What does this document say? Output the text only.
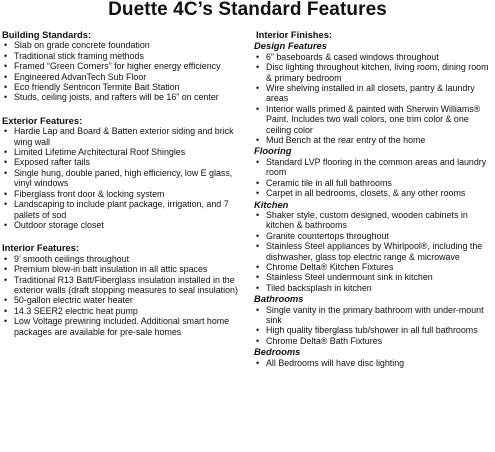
Duette 4C’s Standard Features
Building Standards:
• Slab on grade concrete foundation
• Traditional stick framing methods
• Framed “Green Corners” for higher energy efficiency
• Engineered AdvanTech Sub Floor
• Eco friendly Sentricon Termite Bait Station
• Studs, ceiling joists, and rafters will be 16” on center
Exterior Features:
• Hardie Lap and Board & Batten exterior siding and brick wing wall
• Limited Lifetime Architectural Roof Shingles
• Exposed rafter tails
• Single hung, double paned, high efficiency, low E glass, vinyl windows
• Fiberglass front door & locking system
• Landscaping to include plant package, irrigation, and 7 pallets of sod
• Outdoor storage closet
Interior Features:
• 9’ smooth ceilings throughout
• Premium blow-in batt insulation in all attic spaces
• Traditional R13 Batt/Fiberglass insulation installed in the exterior walls (draft stopping measures to seal insulation)
• 50-gallon electric water heater
• 14.3 SEER2 electric heat pump
• Low Voltage prewiring included. Additional smart home packages are available for pre-sale homes
Interior Finishes:
Design Features
• 6” baseboards & cased windows throughout
• Disc lighting throughout kitchen, living room, dining room & primary bedroom
• Wire shelving installed in all closets, pantry & laundry areas
• Interior walls primed & painted with Sherwin Williams® Paint. Includes two wall colors, one trim color & one ceiling color
• Mud Bench at the rear entry of the home
Flooring
• Standard LVP flooring in the common areas and laundry room
• Ceramic tile in all full bathrooms
• Carpet in all bedrooms, closets, & any other rooms
Kitchen
• Shaker style, custom designed, wooden cabinets in kitchen & bathrooms
• Granite countertops throughout
• Stainless Steel appliances by Whirlpool®, including the dishwasher, glass top electric range & microwave
• Chrome Delta® Kitchen Fixtures
• Stainless Steel undermount sink in kitchen
• Tiled backsplash in kitchen
Bathrooms
• Single vanity in the primary bathroom with under-mount sink
• High quality fiberglass tub/shower in all full bathrooms
• Chrome Delta® Bath Fixtures
Bedrooms
• All Bedrooms will have disc lighting
